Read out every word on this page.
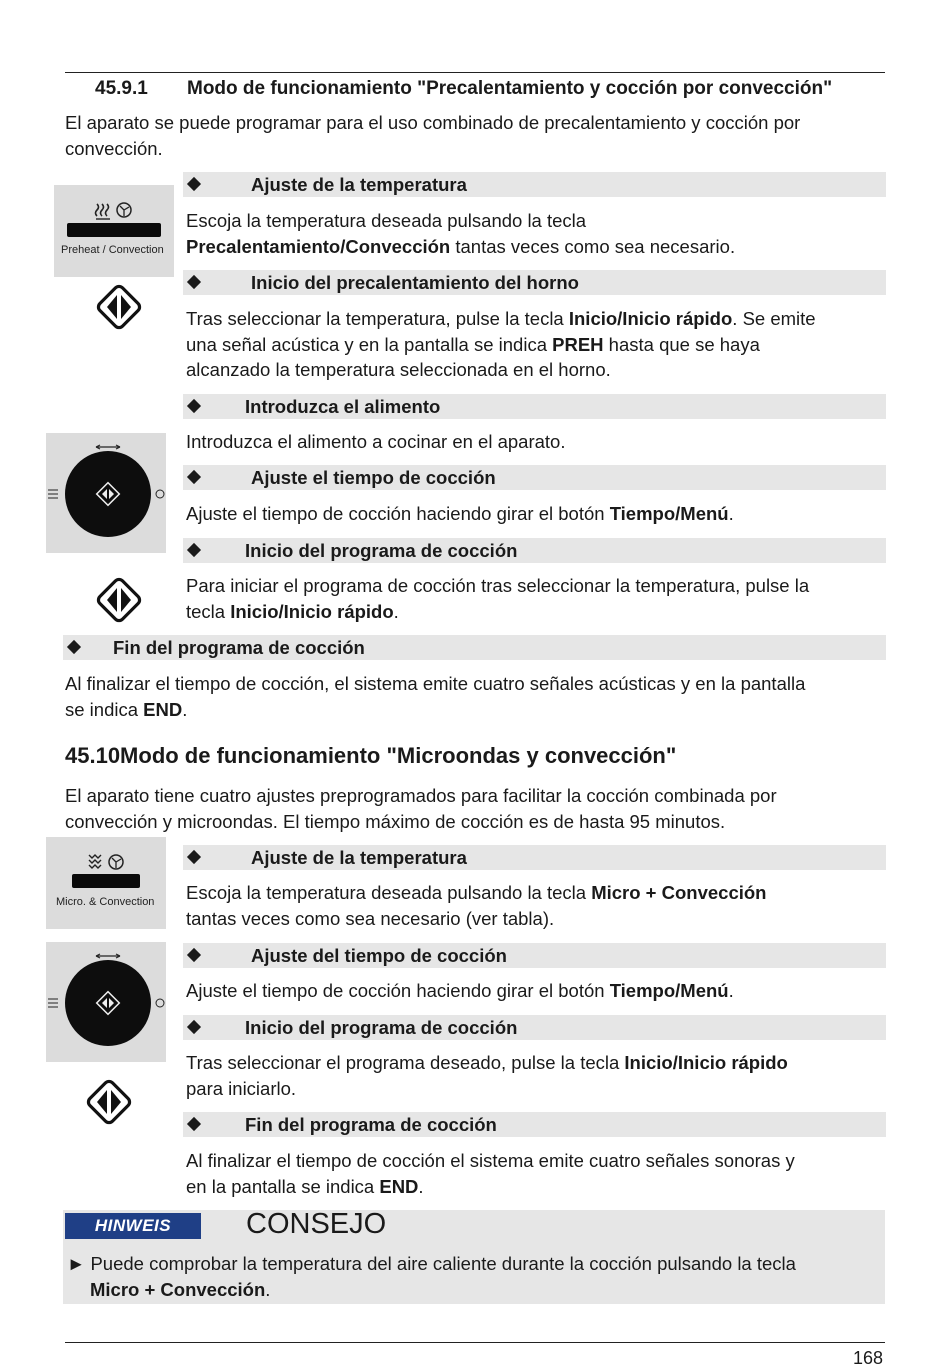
45.9.1 Modo de funcionamiento "Precalentamiento y cocción por convección"
El aparato se puede programar para el uso combinado de precalentamiento y cocción por
convección.
Preheat / Convection
Ajuste de la temperatura
Escoja la temperatura deseada pulsando la tecla
Precalentamiento/Convección tantas veces como sea necesario.
Inicio del precalentamiento del horno
Tras seleccionar la temperatura, pulse la tecla Inicio/Inicio rápido. Se emite
una señal acústica y en la pantalla se indica PREH hasta que se haya
alcanzado la temperatura seleccionada en el horno.
Introduzca el alimento
Introduzca el alimento a cocinar en el aparato.
Ajuste el tiempo de cocción
Ajuste el tiempo de cocción haciendo girar el botón Tiempo/Menú.
Inicio del programa de cocción
Para iniciar el programa de cocción tras seleccionar la temperatura, pulse la
tecla Inicio/Inicio rápido.
Fin del programa de cocción
Al finalizar el tiempo de cocción, el sistema emite cuatro señales acústicas y en la pantalla
se indica END.
45.10Modo de funcionamiento "Microondas y convección"
El aparato tiene cuatro ajustes preprogramados para facilitar la cocción combinada por
convección y microondas. El tiempo máximo de cocción es de hasta 95 minutos.
Micro. & Convection
Ajuste de la temperatura
Escoja la temperatura deseada pulsando la tecla Micro + Convección
tantas veces como sea necesario (ver tabla).
Ajuste del tiempo de cocción
Ajuste el tiempo de cocción haciendo girar el botón Tiempo/Menú.
Inicio del programa de cocción
Tras seleccionar el programa deseado, pulse la tecla Inicio/Inicio rápido
para iniciarlo.
Fin del programa de cocción
Al finalizar el tiempo de cocción el sistema emite cuatro señales sonoras y
en la pantalla se indica END.
HINWEIS	CONSEJO
► Puede comprobar la temperatura del aire caliente durante la cocción pulsando la tecla
Micro + Convección.
168
